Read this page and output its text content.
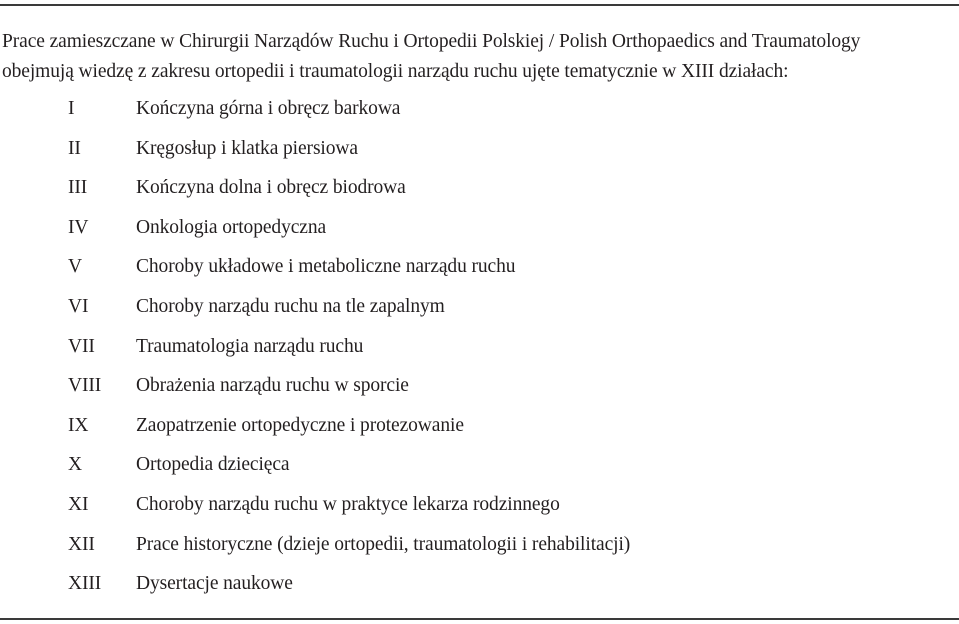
Prace zamieszczane w Chirurgii Narządów Ruchu i Ortopedii Polskiej / Polish Orthopaedics and Traumatology
obejmują wiedzę z zakresu ortopedii i traumatologii narządu ruchu ujęte tematycznie w XIII działach:
I	Kończyna górna i obręcz barkowa
II	Kręgosłup i klatka piersiowa
III	Kończyna dolna i obręcz biodrowa
IV Onkologia ortopedyczna
V	Choroby układowe i metaboliczne narządu ruchu
VI Choroby narządu ruchu na tle zapalnym
VII Traumatologia narządu ruchu
VIII Obrażenia narządu ruchu w sporcie
IX Zaopatrzenie ortopedyczne i protezowanie
X	Ortopedia dziecięca
XI Choroby narządu ruchu w praktyce lekarza rodzinnego
XII Prace historyczne (dzieje ortopedii, traumatologii i rehabilitacji)
XIII Dysertacje naukowe
